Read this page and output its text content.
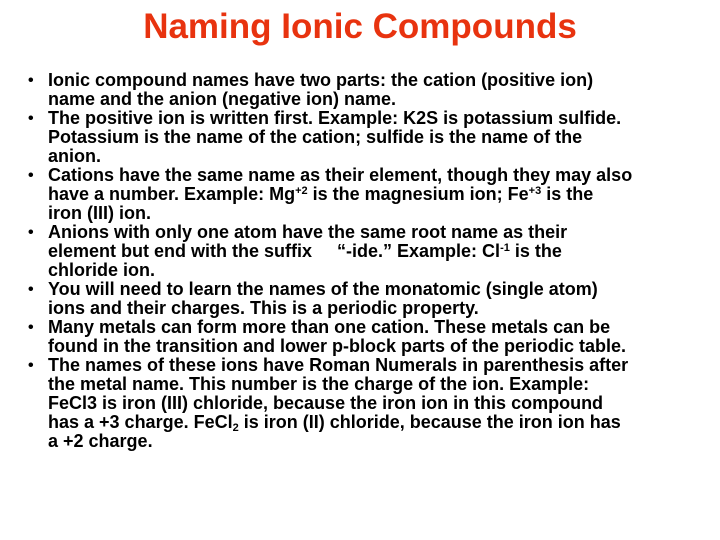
Naming Ionic Compounds
• Ionic compound names have two parts: the cation (positive ion)
name and the anion (negative ion) name.
• The positive ion is written first. Example: K2S is potassium sulfide.
Potassium is the name of the cation; sulfide is the name of the
anion.
• Cations have the same name as their element, though they may also
have a number. Example: $Mg^{+2}$ is the magnesium ion; $Fe^{+3}$ is the
iron (III) ion.
• Anions with only one atom have the same root name as their
element but end with the suffix     “-ide.” Example: $Cl^{-1}$ is the
chloride ion.
• You will need to learn the names of the monatomic (single atom)
ions and their charges. This is a periodic property.
• Many metals can form more than one cation. These metals can be
found in the transition and lower p-block parts of the periodic table.
• The names of these ions have Roman Numerals in parenthesis after
the metal name. This number is the charge of the ion. Example:
FeCl3 is iron (III) chloride, because the iron ion in this compound
has a +3 charge. FeCl$_2$ is iron (II) chloride, because the iron ion has
a +2 charge.
